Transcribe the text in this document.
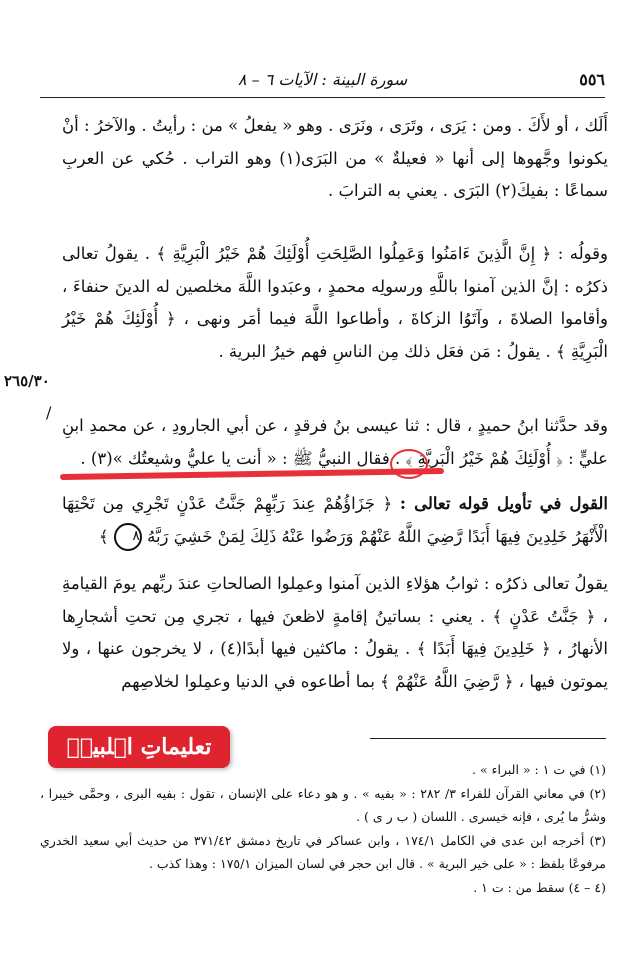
٥٥٦
سورة البينة : الآيات ٦ – ٨

أَلَك ، أو لأَكَ . ومن : يَرَى ، وتَرَى ، ونَرَى . وهو « يفعلُ » من : رأيتُ . والآخرُ : أنْ يكونوا وجَّهوها إلى أنها « فعيلةٌ » من البَرَى(١) وهو التراب . حُكي عن العربِ سماعًا : بفيكَ(٢) البَرَى . يعني به الترابَ .

وقولُه : ﴿ إِنَّ الَّذِينَ ءَامَنُوا وَعَمِلُوا الصَّلِحَتِ أُوْلَئِكَ هُمْ خَيْرُ الْبَرِيَّةِ ﴾ . يقولُ تعالى ذكرُه : إنَّ الذين آمنوا باللَّهِ ورسولِه محمدٍ ، وعبَدوا اللَّهَ مخلصين له الدينَ حنفاءَ ، وأقاموا الصلاةَ ، وآتَوُا الزكاةَ ، وأطاعوا اللَّهَ فيما أمَر ونهى ، ﴿ أُوْلَئِكَ هُمْ خَيْرُ الْبَرِيَّةِ ﴾ . يقولُ : مَن فعَل ذلك مِن الناسِ فهم خيرُ البرية .

٢٦٥/٣٠
/

وقد حدَّثنا ابنُ حميدٍ ، قال : ثنا عيسى بنُ فرقدٍ ، عن أبي الجارودِ ، عن محمدِ ابنِ عليٍّ : ﴿ أُوْلَئِكَ هُمْ خَيْرُ الْبَرِيَّةِ ﴾ . فقال النبيُّ ﷺ : « أنت يا عليُّ وشيعتُك »(٣) .

القول في تأويل قوله تعالى : ﴿ جَزَاؤُهُمْ عِندَ رَبِّهِمْ جَنَّتُ عَدْنٍ تَجْرِي مِن تَحْتِهَا الْأَنْهَرُ خَلِدِينَ فِيهَا أَبَدًا رَّضِيَ اللَّهُ عَنْهُمْ وَرَضُوا عَنْهُ ذَلِكَ لِمَنْ خَشِيَ رَبَّهُ ٨ ﴾

يقولُ تعالى ذكرُه : ثوابُ هؤلاءِ الذين آمنوا وعمِلوا الصالحاتِ عندَ ربِّهم يومَ القيامةِ ، ﴿ جَنَّتُ عَدْنٍ ﴾ . يعني : بساتينُ إقامةٍ لاظعنَ فيها ، تجري مِن تحتِ أشجارِها الأنهارُ ، ﴿ خَلِدِينَ فِيهَا أَبَدًا ﴾ . يقولُ : ماكثين فيها أبدًا(٤) ، لا يخرجون عنها ، ولا يموتون فيها ، ﴿ رَّضِيَ اللَّهُ عَنْهُمْ ﴾ بما أطاعوه في الدنيا وعمِلوا لخلاصِهم

تعليماتِ اہلبیتؑ
(١) في ت ١ : « البراء » .
(٢) في معاني القرآن للفراء ٣/ ٢٨٢ : « بفيه » . و هو دعاء على الإنسان ، تقول : بفيه البرى ، وحمَّى خيبرا ، وشرُّ ما يُرى ، فإنه خيسرى . اللسان ( ب ر ى ) .
(٣) أخرجه ابن عدى في الكامل ١٧٤/١ ، وابن عساكر في تاريخ دمشق ٣٧١/٤٢ من حديث أبي سعيد الخدري مرفوعًا بلفظ : « على خير البرية » . قال ابن حجر في لسان الميزان ١٧٥/١ : وهذا كذب .
(٤ – ٤) سقط من : ت ١ .
